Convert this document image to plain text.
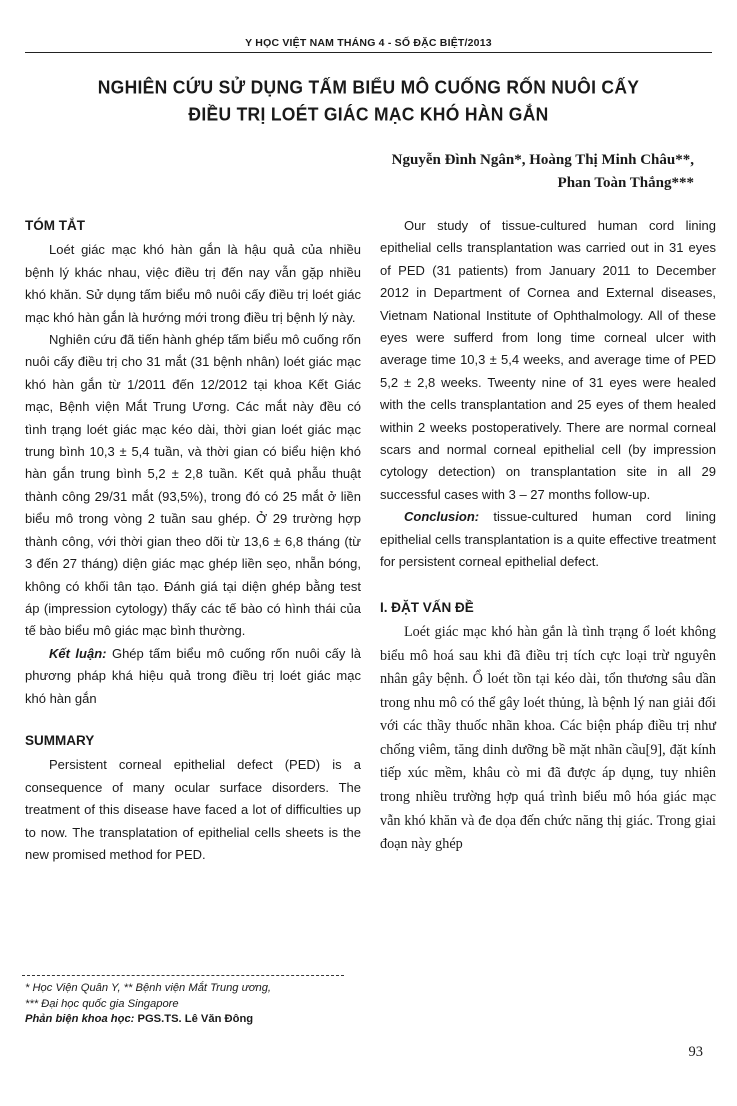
Y HỌC VIỆT NAM THÁNG 4 - SỐ ĐẶC BIỆT/2013
NGHIÊN CỨU SỬ DỤNG TẤM BIỂU MÔ CUỐNG RỐN NUÔI CẤY
ĐIỀU TRỊ LOÉT GIÁC MẠC KHÓ HÀN GẮN
Nguyễn Đình Ngân*, Hoàng Thị Minh Châu**,
Phan Toàn Thắng***
TÓM TẮT

Loét giác mạc khó hàn gắn là hậu quả của nhiều bệnh lý khác nhau, việc điều trị đến nay vẫn gặp nhiều khó khăn. Sử dụng tấm biểu mô nuôi cấy điều trị loét giác mạc khó hàn gắn là hướng mới trong điều trị bệnh lý này.

Nghiên cứu đã tiến hành ghép tấm biểu mô cuống rốn nuôi cấy điều trị cho 31 mắt (31 bệnh nhân) loét giác mạc khó hàn gắn từ 1/2011 đến 12/2012 tại khoa Kết Giác mạc, Bệnh viện Mắt Trung Ương. Các mắt này đều có tình trạng loét giác mạc kéo dài, thời gian loét giác mạc trung bình 10,3 ± 5,4 tuần, và thời gian có biểu hiện khó hàn gắn trung bình 5,2 ± 2,8 tuần. Kết quả phẫu thuật thành công 29/31 mắt (93,5%), trong đó có 25 mắt ở liền biểu mô trong vòng 2 tuần sau ghép. Ở 29 trường hợp thành công, với thời gian theo dõi từ 13,6 ± 6,8 tháng (từ 3 đến 27 tháng) diện giác mạc ghép liền sẹo, nhẵn bóng, không có khối tân tạo. Đánh giá tại diện ghép bằng test áp (impression cytology) thấy các tế bào có hình thái của tế bào biểu mô giác mạc bình thường.

Kết luận: Ghép tấm biểu mô cuống rốn nuôi cấy là phương pháp khá hiệu quả trong điều trị loét giác mạc khó hàn gắn

SUMMARY

Persistent corneal epithelial defect (PED) is a consequence of many ocular surface disorders. The treatment of this disease have faced a lot of difficulties up to now. The transplatation of epithelial cells sheets is the new promised method for PED.

Our study of tissue-cultured human cord lining epithelial cells transplantation was carried out in 31 eyes of PED (31 patients) from January 2011 to December 2012 in Department of Cornea and External diseases, Vietnam National Institute of Ophthalmology. All of these eyes were sufferd from long time corneal ulcer with average time 10,3 ± 5,4 weeks, and average time of PED 5,2 ± 2,8 weeks. Tweenty nine of 31 eyes were healed with the cells transplantation and 25 eyes of them healed within 2 weeks postoperatively. There are normal corneal scars and normal corneal epithelial cell (by impression cytology detection) on transplantation site in all 29 successful cases with 3 – 27 months follow-up.

Conclusion: tissue-cultured human cord lining epithelial cells transplantation is a quite effective treatment for persistent corneal epithelial defect.

I. ĐẶT VẤN ĐỀ

Loét giác mạc khó hàn gắn là tình trạng ổ loét không biểu mô hoá sau khi đã điều trị tích cực loại trừ nguyên nhân gây bệnh. Ổ loét tồn tại kéo dài, tổn thương sâu dần trong nhu mô có thể gây loét thủng, là bệnh lý nan giải đối với các thầy thuốc nhãn khoa. Các biện pháp điều trị như chống viêm, tăng dinh dưỡng bề mặt nhãn cầu[9], đặt kính tiếp xúc mềm, khâu cò mi đã được áp dụng, tuy nhiên trong nhiều trường hợp quá trình biểu mô hóa giác mạc vẫn khó khăn và đe dọa đến chức năng thị giác. Trong giai đoạn này ghép

* Học Viện Quân Y, ** Bệnh viện Mắt Trung ương,
*** Đại học quốc gia Singapore
Phản biện khoa học: PGS.TS. Lê Văn Đông
93
